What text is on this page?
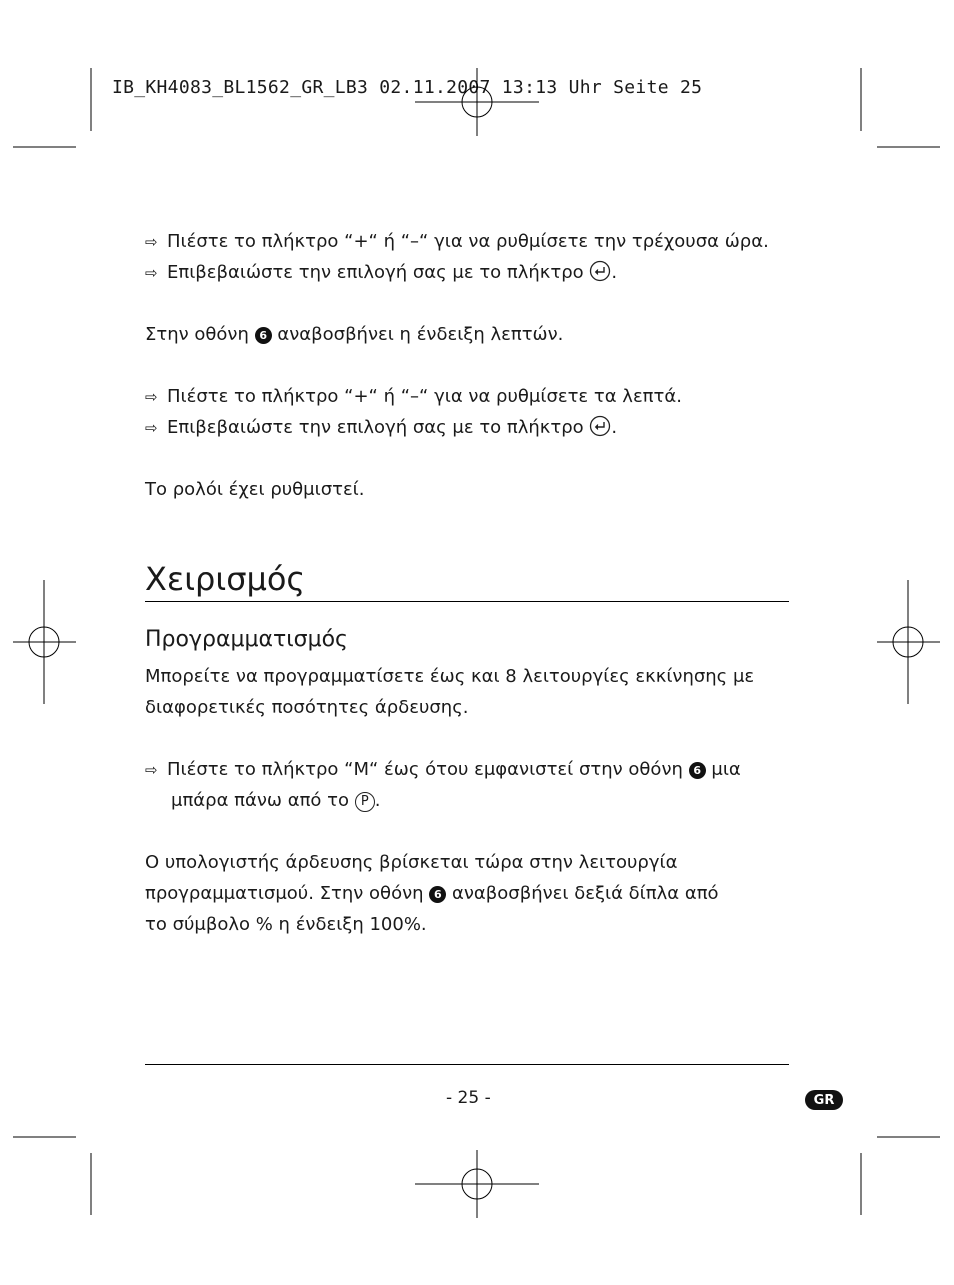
IB_KH4083_BL1562_GR_LB3 02.11.2007 13:13 Uhr Seite 25
⇨ Πιέστε το πλήκτρο “+“ ή “–“ για να ρυθμίσετε την τρέχουσα ώρα.
⇨ Επιβεβαιώστε την επιλογή σας με το πλήκτρο .
Στην οθόνη 6 αναβοσβήνει η ένδειξη λεπτών.
⇨ Πιέστε το πλήκτρο “+“ ή “–“ για να ρυθμίσετε τα λεπτά.
⇨ Επιβεβαιώστε την επιλογή σας με το πλήκτρο .
Το ρολόι έχει ρυθμιστεί.
Χειρισμός
Προγραμματισμός
Μπορείτε να προγραμματίσετε έως και 8 λειτουργίες εκκίνησης με
διαφορετικές ποσότητες άρδευσης.
⇨ Πιέστε το πλήκτρο “M“ έως ότου εμφανιστεί στην οθόνη 6 μια
μπάρα πάνω από το P .
Ο υπολογιστής άρδευσης βρίσκεται τώρα στην λειτουργία
προγραμματισμού. Στην οθόνη 6 αναβοσβήνει δεξιά δίπλα από
το σύμβολο % η ένδειξη 100%.
- 25 -	GR
